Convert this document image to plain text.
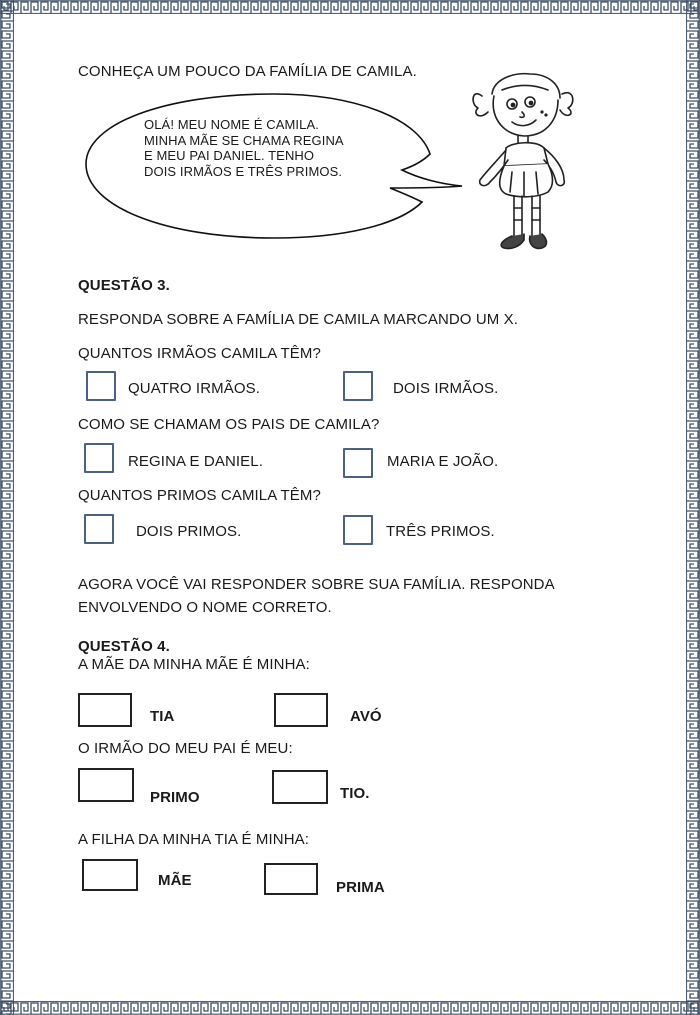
CONHEÇA UM POUCO DA FAMÍLIA DE CAMILA.
OLÁ! MEU NOME É CAMILA. MINHA MÃE SE CHAMA REGINA E MEU PAI DANIEL. TENHO DOIS IRMÃOS E TRÊS PRIMOS.
QUESTÃO 3.
RESPONDA SOBRE A FAMÍLIA DE CAMILA MARCANDO UM X.
QUANTOS IRMÃOS CAMILA TÊM?
QUATRO IRMÃOS.	DOIS IRMÃOS.
COMO SE CHAMAM OS PAIS DE CAMILA?
REGINA E DANIEL.	MARIA E JOÃO.
QUANTOS PRIMOS CAMILA TÊM?
DOIS PRIMOS.	TRÊS PRIMOS.
AGORA VOCÊ VAI RESPONDER SOBRE SUA FAMÍLIA. RESPONDA
ENVOLVENDO O NOME CORRETO.
QUESTÃO 4.
A MÃE DA MINHA MÃE É MINHA:
TIA	AVÓ
O IRMÃO DO MEU PAI É MEU:
PRIMO	TIO.
A FILHA DA MINHA TIA É MINHA:
MÃE	PRIMA
